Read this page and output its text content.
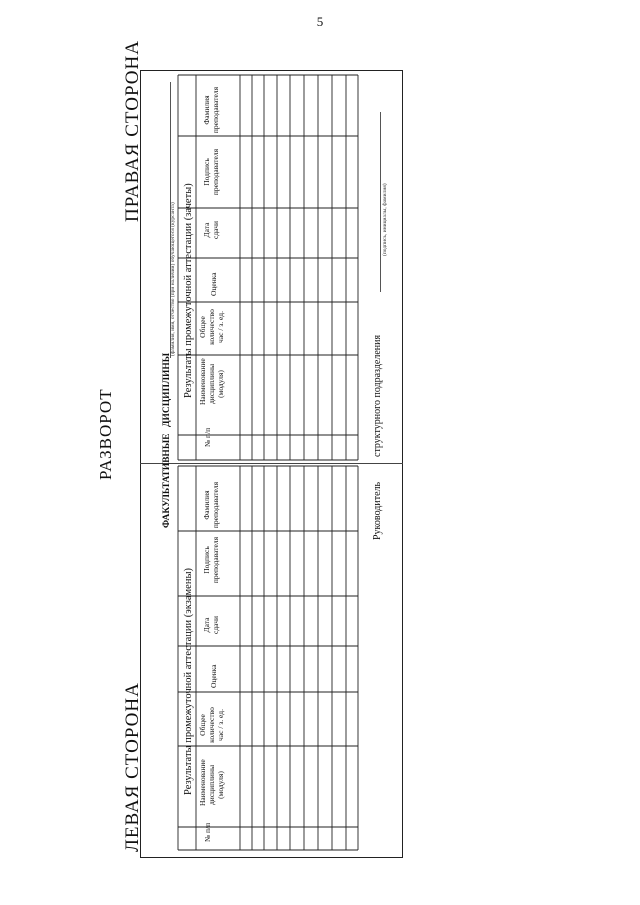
5
РАЗВОРОТ
ЛЕВАЯ СТОРОНА
ПРАВАЯ СТОРОНА
ДИСЦИПЛИНЫ
(фамилия, имя, отчество (при наличии) обучающегося (курсанта) Результаты промежуточной аттестации (зачеты)
ФАКУЛЬТАТИВНЫЕ
Результаты промежуточной аттестации (экзамены)
№ п/п
Наименование дисциплины (модуля)
Общее количество час / з. ед.
Оценка
Дата сдачи
Подпись преподавателя
Фамилия преподавателя
№ п/п
Наименование дисциплины (модуля)
Общее количество час / з. ед.
Оценка
Дата сдачи
Подпись преподавателя
Фамилия преподавателя
структурного подразделения
(подпись, инициалы, фамилия)
Руководитель
